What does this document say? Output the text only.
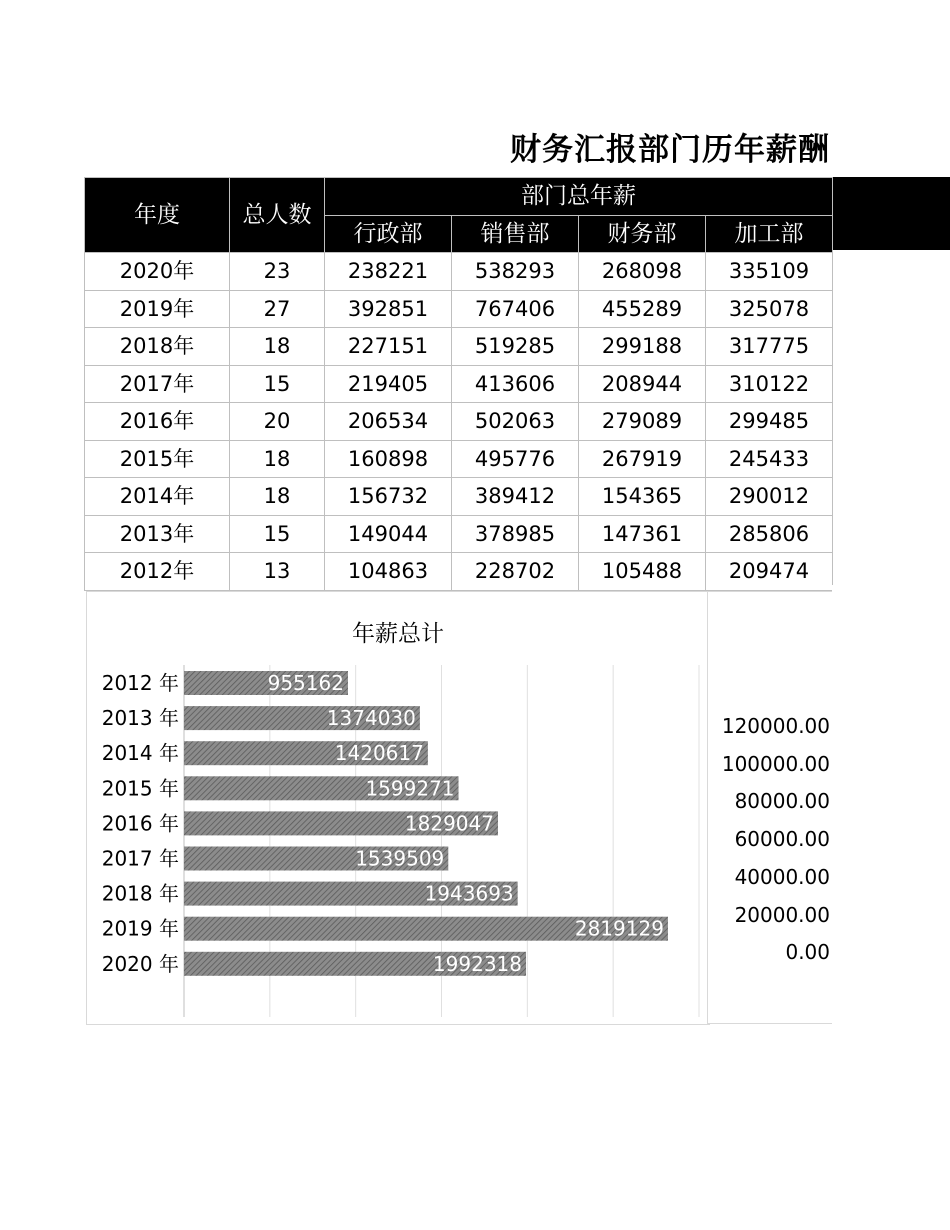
财务汇报部门历年薪酬
年度	总人数	部门总年薪			
		行政部	销售部	财务部	加工部
2020年	23	238221	538293	268098	335109
2019年	27	392851	767406	455289	325078
2018年	18	227151	519285	299188	317775
2017年	15	219405	413606	208944	310122
2016年	20	206534	502063	279089	299485
2015年	18	160898	495776	267919	245433
2014年	18	156732	389412	154365	290012
2013年	15	149044	378985	147361	285806
2012年	13	104863	228702	105488	209474
年薪总计
2012 年	955162
2013 年	1374030
2014 年	1420617
2015 年	1599271
2016 年	1829047
2017 年	1539509
2018 年	1943693
2019 年	2819129
2020 年	1992318
120000.00
100000.00
80000.00
60000.00
40000.00
20000.00
0.00
